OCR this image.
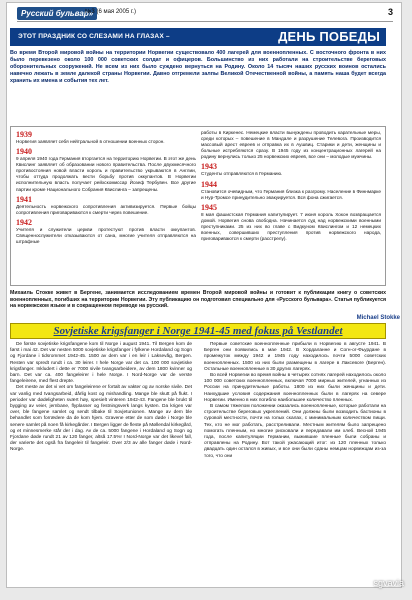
Русский бульвар»
№3 (6 мая 2005 г.)	3
ЭТОТ ПРАЗДНИК СО СЛЕЗАМИ НА ГЛАЗАХ –	ДЕНЬ ПОБЕДЫ
Во время Второй мировой войны на территории Норвегии существовало 400 лагерей для военнопленных. С восточного фронта в них было перевезено около 100 000 советских солдат и офицеров. Большинство из них работали на строительстве береговых оборонительных сооружений. Не всем из них было суждено вернуться на Родину. Около 14 тысяч наших русских воинов остались навечно лежать в земле далекой страны Норвегии. Давно отгремели залпы Великой Отечественной войны, а память наша будет всегда хранить их имена и события тех лет.
1939
Норвегия заявляет себя нейтральной в отношении военных сторон.
1940
9 апреля 1940 года Германия вторгается на территорию Норвегии. В этот же день Квислинг заявляет об образовании нового правительства. После двухмесячного противостояния новой власти король и правительство укрываются в Англии, чтобы оттуда продолжать вести борьбу против оккупантов. В Норвегии исполнительную власть получает рейхскомиссар Йозеф Тербувен. Все другие партии кроме Национального Собрания Квислинга – запрещены.
1941
Деятельность норвежского сопротивления активизируется. Первые бойцы сопротивления приговариваются к смерти через повешение.
1942
Учителя и служители церкви протестуют против власти оккупантов. Священнослужители отказываются от сана, многие учителя отправляются на штрафные
работы в Киркенес. Немецкие власти вынуждены проводить карательные меры, среди которых – повешение в Мандале и разрушение Телевога. Производится массовый арест евреев и отправка их в Аушвиц. Старики и дети, женщины и больные истребляются сразу. В 1945 году из концентрационных лагерей на родину вернулись только 25 норвежских евреев, все они – молодые мужчины.
1943
Студенты отправляются в Германию.
1944
Становится очевидным, что Германия близка к разгрому. Население в Финнмарке и Нур-Тромсе принудительно эвакуируется. Вся фона сжигается.
1945
8 мая фашистская Германия капитулирует. 7 июня король Хокон возвращается домой. Норвегия снова свободна. Начинается суд над норвежскими военными преступниками. 25 из них во главе с Видкуном Квислингом и 12 немецких военных, совершивших преступления против норвежского народа, приговариваются к смерти (расстрелу).
Михаиль Стокке живет в Бергене, занимается исследованием времен Второй мировой войны и готовит к публикации книгу о советских военнопленных, погибших на территории Норвегии. Эту публикацию он подготовил специально для «Русского бульвара». Статья публикуется на норвежском языке и в сокращенном переводе на русский.
Michael Stokke
Sovjetiske krigsfanger i Norge 1941-45 med fokus på Vestlandet

De første sovjetiske krigsfangene kom til Norge i august 1941. Til Bergen kom de først i mai 42. Det var nesten 5000 sovjetiske krigsfanger i fylkene Hordaland og Sogn og Fjordane i tidsrommet 1942-45. 1500 av dem var i en leir i Laksevåg, Bergen. Resten var spredt rundt i ca. 30 leirer. I hele Norge var det ca. 100 000 sovjetiske krigsfanger. Inkludert i dette er 7000 sivile tvangsarbeidere, av dem 1800 kvinner og barn. Det var ca. 400 fangeleirer i hele Norge. I Nord-Norge var de verste fangeleirene, med flest drepte.

Det meste av det vi vet om fangeleirene er fortalt av vakter og av norske sivile. Det var vanlig med tvangsarbeid, dårlig kost og mishandling. Mange ble skutt på flukt. I perioder var dødeligheten svært høy, spesielt vinteren 1942-43. Fangene ble brukt til bygging av veier, jernbane, flyplasser og festningsverk langs kysten. Da krigen var over, ble fangene samlet og sendt tilbake til Sovjetunionen. Mange av dem ble behandlet som forrædere da de kom hjem. Gravene etter de som døde i Norge ble senere samlet på noen få kirkegårder. I Bergen ligger de fleste på Møllendal kirkegård, og et minnesmerke står der i dag. Av de ca. 5000 fangene i Hordaland og Sogn og Fjordane døde rundt 21 av 120 fanger, altså 17.5%! I Nord-Norge var det likevel fall, der varierte det også fra fangeleir til fangeleir. Over 2/3 av alle fanger døde i Nord-Norge.

Первые советские военнопленные прибыли в Норвегию в августе 1941. В Берген они появились в мае 1942. В Хордаланне и Согн-ог-Фьурдане в промежуток между 1942 и 1945 году находилось почти 5000 советских военнопленных. 1500 из них были размещены в лагере в Лаксевоге (Берген). Остальные военнопленные в 30 других лагерях.

Во всей Норвегии во время войны в четырех сотнях лагерей находилось около 100 000 советских военнопленных, включая 7000 мирных жителей, угнанных из России на принудительные работы. 1800 из них были женщины и дети. Наихудшие условия содержания военнопленных были в лагерях на севере Норвегии. Именно в них погибло наибольшее количество пленных.

В самом тяжелом положении оказались военнопленные, которые работали на строительстве береговых укреплений. Они должны были возводить бастионы в суровой местности, почти на голых скалах, с минимальным количеством пищи. Тех, кто не мог работать, расстреливали. Местным жителям было запрещено помогать пленным, но многие рисковали и передавали им хлеб. Весной 1945 года, после капитуляции Германии, выжившие пленные были собраны и отправлены на Родину. Вот такой ужасающий итог: из 120 пленных только двадцать один остался в живых, и все они были сданы немцам норвежцам из-за того, что они

sgvavia
